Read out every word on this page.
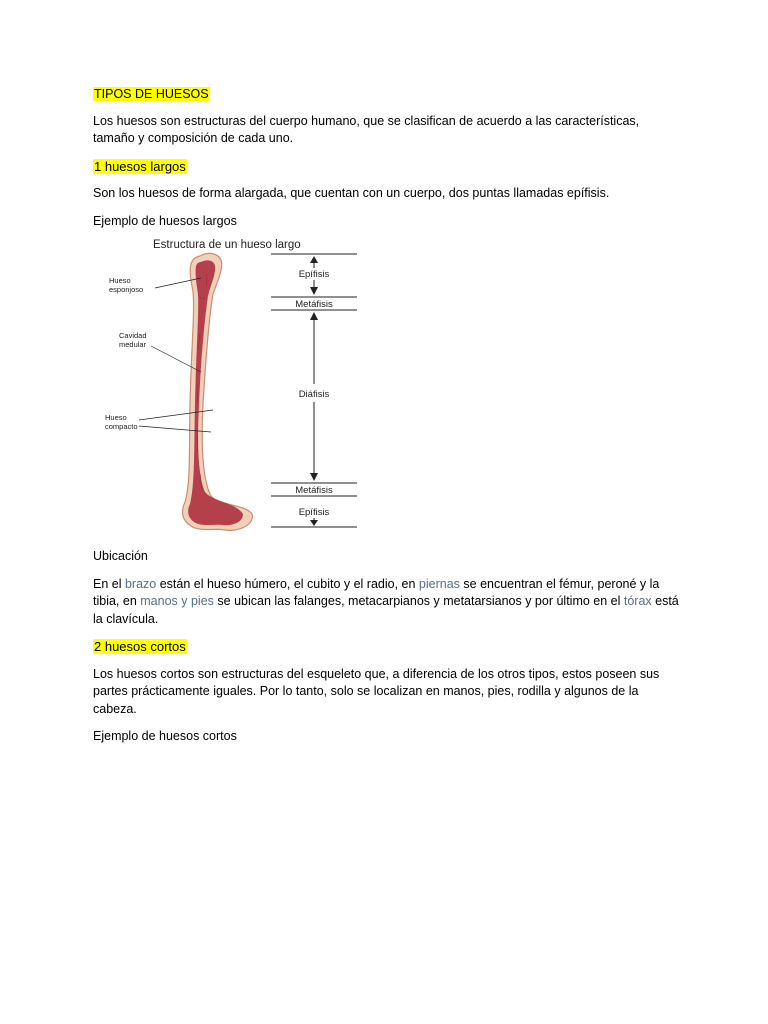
TIPOS DE HUESOS

Los huesos son estructuras del cuerpo humano, que se clasifican de acuerdo a las características, tamaño y composición de cada uno.

1 huesos largos

Son los huesos de forma alargada, que cuentan con un cuerpo, dos puntas llamadas epífisis.

Ejemplo de huesos largos

Estructura de un hueso largo
Hueso
esponjoso
Cavidad
medular
Hueso
compacto
Epífisis
Metáfisis
Diáfisis
Metáfisis
Epífisis

Ubicación

En el brazo están el hueso húmero, el cubito y el radio, en piernas se encuentran el fémur, peroné y la tibia, en manos y pies se ubican las falanges, metacarpianos y metatarsianos y por último en el tórax está la clavícula.

2 huesos cortos

Los huesos cortos son estructuras del esqueleto que, a diferencia de los otros tipos, estos poseen sus partes prácticamente iguales. Por lo tanto, solo se localizan en manos, pies, rodilla y algunos de la cabeza.

Ejemplo de huesos cortos
